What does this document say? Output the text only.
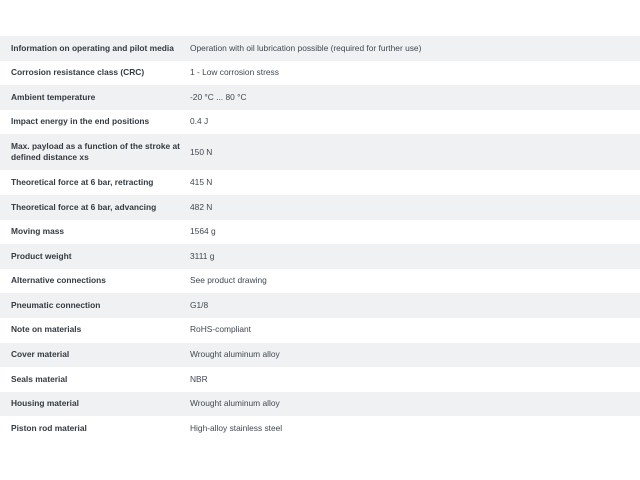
Information on operating and pilot media	Operation with oil lubrication possible (required for further use)
Corrosion resistance class (CRC)	1 - Low corrosion stress
Ambient temperature	-20 °C ... 80 °C
Impact energy in the end positions	0.4 J
Max. payload as a function of the stroke at defined distance xs	150 N
Theoretical force at 6 bar, retracting	415 N
Theoretical force at 6 bar, advancing	482 N
Moving mass	1564 g
Product weight	3111 g
Alternative connections	See product drawing
Pneumatic connection	G1/8
Note on materials	RoHS-compliant
Cover material	Wrought aluminum alloy
Seals material	NBR
Housing material	Wrought aluminum alloy
Piston rod material	High-alloy stainless steel
